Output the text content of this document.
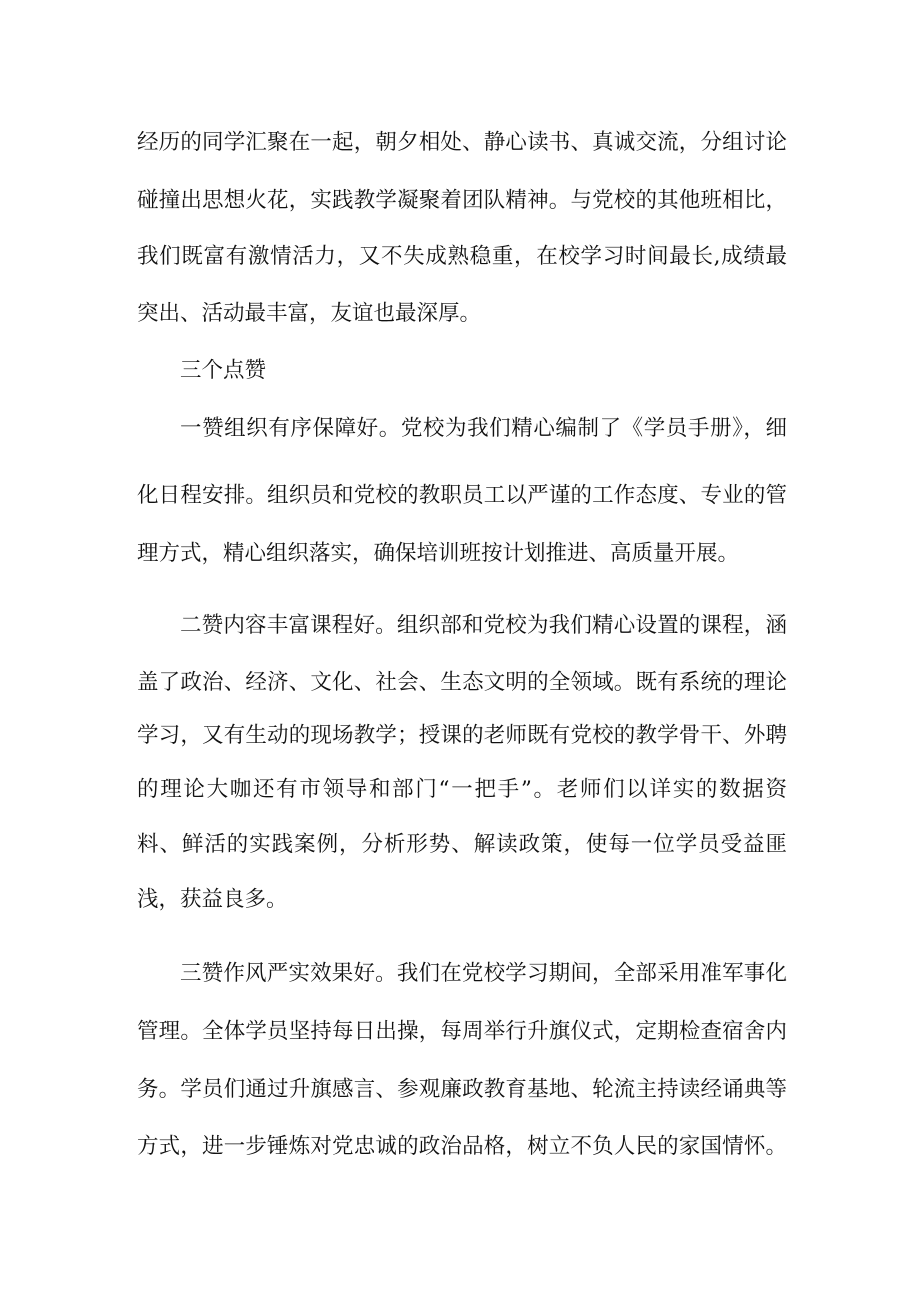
经历的同学汇聚在一起，朝夕相处、静心读书、真诚交流，分组讨论
碰撞出思想火花，实践教学凝聚着团队精神。与党校的其他班相比，
我们既富有激情活力，又不失成熟稳重，在校学习时间最长,成绩最
突出、活动最丰富，友谊也最深厚。
三个点赞
一赞组织有序保障好。党校为我们精心编制了《学员手册》，细
化日程安排。组织员和党校的教职员工以严谨的工作态度、专业的管
理方式，精心组织落实，确保培训班按计划推进、高质量开展。
二赞内容丰富课程好。组织部和党校为我们精心设置的课程，涵
盖了政治、经济、文化、社会、生态文明的全领域。既有系统的理论
学习，又有生动的现场教学；授课的老师既有党校的教学骨干、外聘
的理论大咖还有市领导和部门“一把手”。老师们以详实的数据资
料、鲜活的实践案例，分析形势、解读政策，使每一位学员受益匪
浅，获益良多。
三赞作风严实效果好。我们在党校学习期间，全部采用准军事化
管理。全体学员坚持每日出操，每周举行升旗仪式，定期检查宿舍内
务。学员们通过升旗感言、参观廉政教育基地、轮流主持读经诵典等
方式，进一步锤炼对党忠诚的政治品格，树立不负人民的家国情怀。
